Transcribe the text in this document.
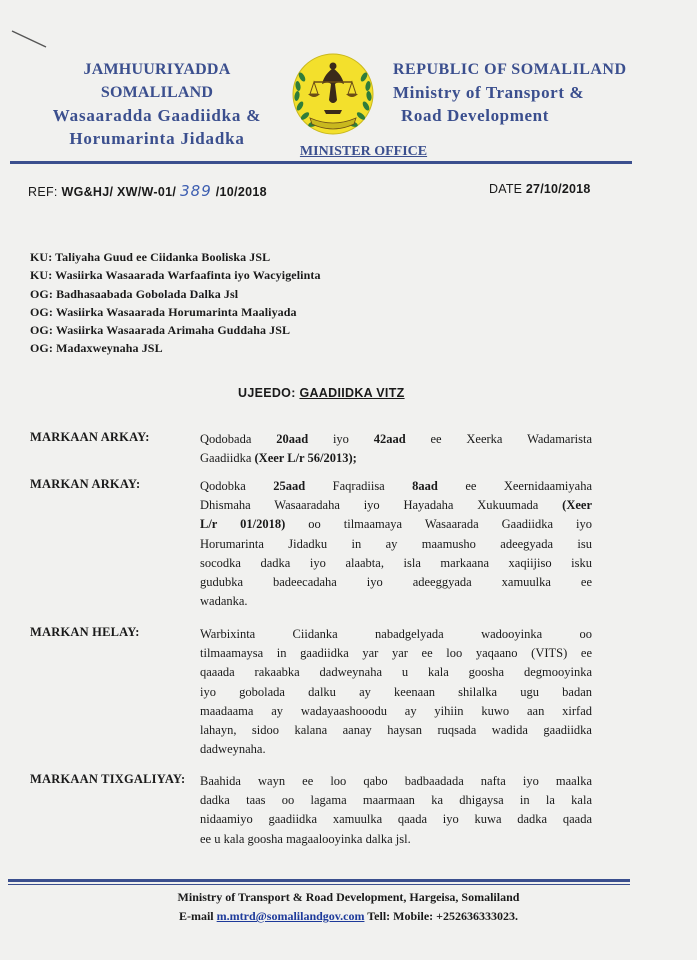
JAMHUURIYADDA SOMALILAND
Wasaaradda Gaadiidka &
Horumarinta Jidadka
REPUBLIC OF SOMALILAND
Ministry of Transport &
Road Development
MINISTER OFFICE
REF: WG&HJ/ XW/W-01/ 389 /10/2018	DATE 27/10/2018
KU: Taliyaha Guud ee Ciidanka Booliska JSL
KU: Wasiirka Wasaarada Warfaafinta iyo Wacyigelinta
OG: Badhasaabada Gobolada Dalka Jsl
OG: Wasiirka Wasaarada Horumarinta Maaliyada
OG: Wasiirka Wasaarada Arimaha Guddaha JSL
OG: Madaxweynaha JSL
UJEEDO: GAADIIDKA VITZ
MARKAAN ARKAY:	Qodobada 20aad iyo 42aad ee Xeerka Wadamarista
Gaadiidka (Xeer L/r 56/2013);
MARKAN ARKAY:	Qodobka 25aad Faqradiisa 8aad ee Xeernidaamiyaha
Dhismaha Wasaaradaha iyo Hayadaha Xukuumada (Xeer
L/r 01/2018) oo tilmaamaya Wasaarada Gaadiidka iyo
Horumarinta Jidadku in ay maamusho adeegyada isu
socodka dadka iyo alaabta, isla markaana xaqiijiso isku
gudubka badeecadaha iyo adeeggyada xamuulka ee
wadanka.
MARKAN HELAY:	Warbixinta Ciidanka nabadgelyada wadooyinka oo
tilmaamaysa in gaadiidka yar yar ee loo yaqaano (VITS) ee
qaaada rakaabka dadweynaha u kala goosha degmooyinka
iyo gobolada dalku ay keenaan shilalka ugu badan
maadaama ay wadayaashooodu ay yihiin kuwo aan xirfad
lahayn, sidoo kalana aanay haysan ruqsada wadida gaadiidka
dadweynaha.
MARKAAN TIXGALIYAY: Baahida wayn ee loo qabo badbaadada nafta iyo maalka
dadka taas oo lagama maarmaan ka dhigaysa in la kala
nidaamiyo gaadiidka xamuulka qaada iyo kuwa dadka qaada
ee u kala goosha magaalooyinka dalka jsl.
Ministry of Transport & Road Development, Hargeisa, Somaliland
E-mail m.mtrd@somalilandgov.com Tell: Mobile: +252636333023.
